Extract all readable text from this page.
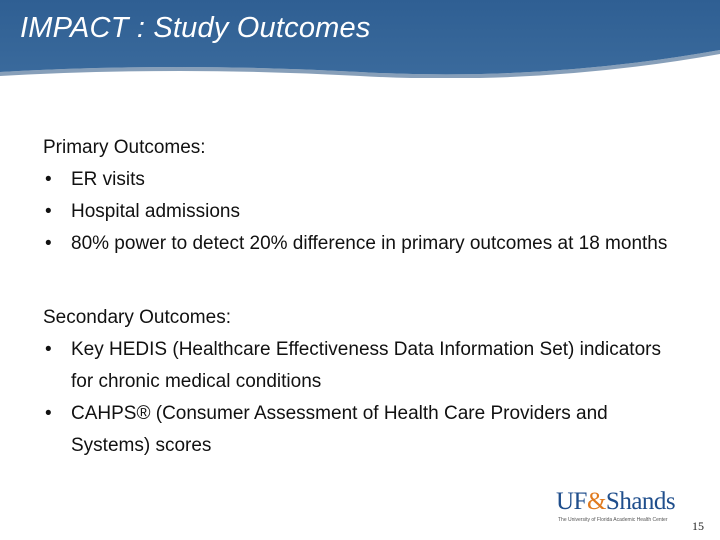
IMPACT : Study Outcomes
Primary Outcomes:
• ER visits
• Hospital admissions
• 80% power to detect 20% difference in primary outcomes at 18 months
Secondary Outcomes:
• Key HEDIS (Healthcare Effectiveness Data Information Set) indicators for chronic medical conditions
• CAHPS® (Consumer Assessment of Health Care Providers and Systems) scores
UF&Shands
The University of Florida Academic Health Center 15
